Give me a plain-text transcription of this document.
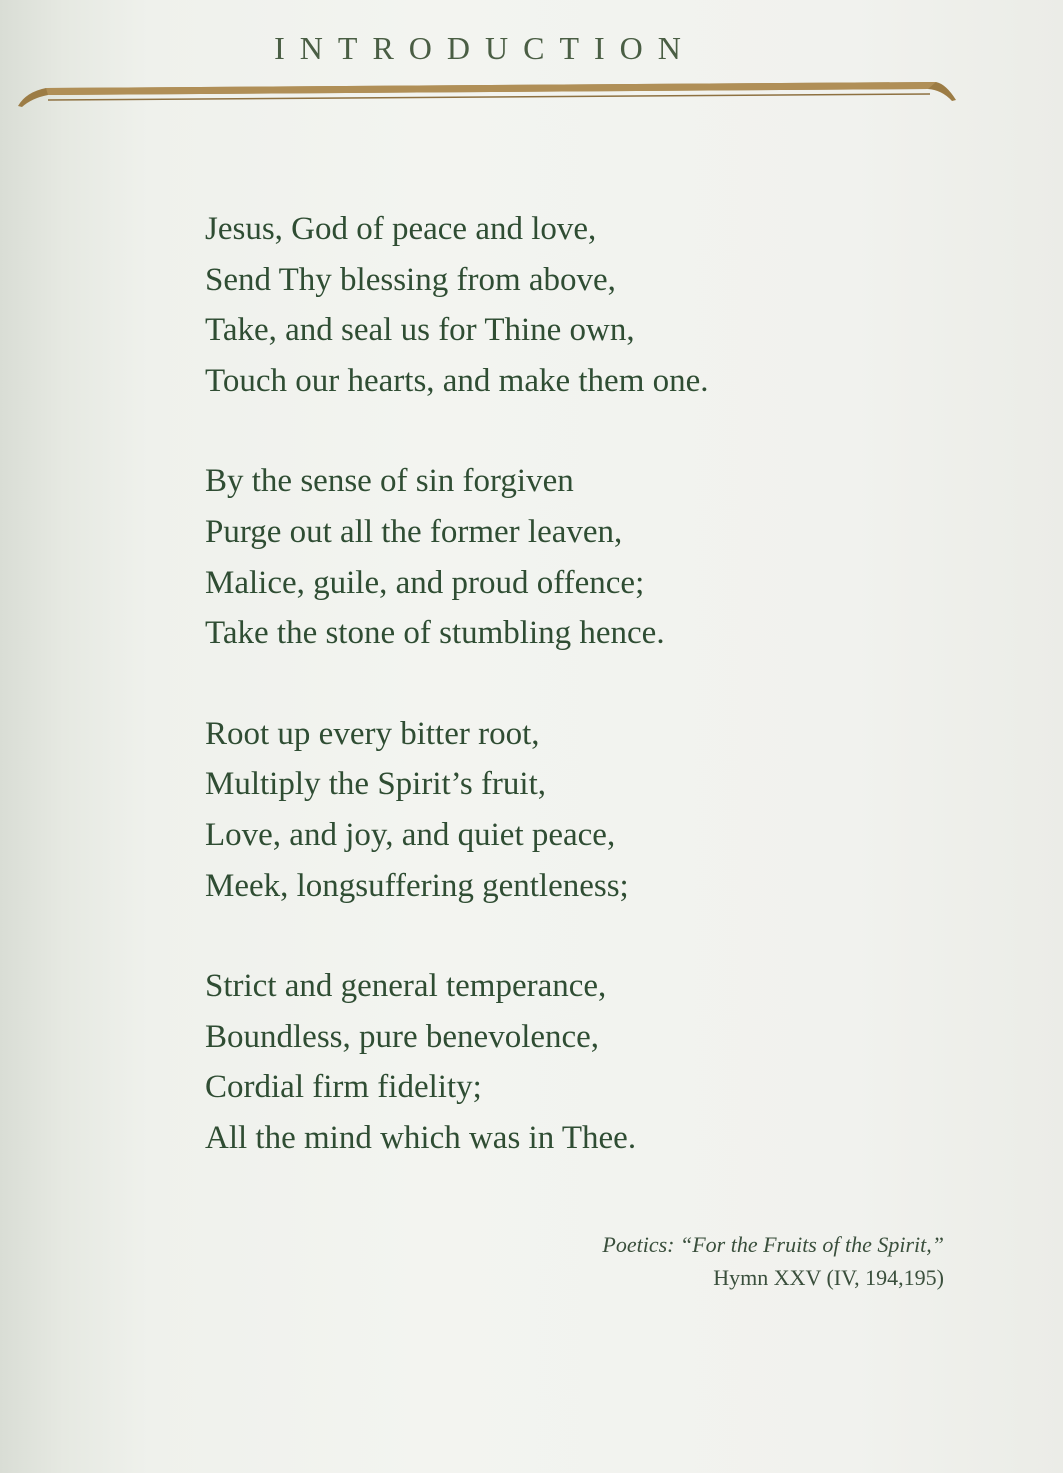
INTRODUCTION
Jesus, God of peace and love,
Send Thy blessing from above,
Take, and seal us for Thine own,
Touch our hearts, and make them one.
By the sense of sin forgiven
Purge out all the former leaven,
Malice, guile, and proud offence;
Take the stone of stumbling hence.
Root up every bitter root,
Multiply the Spirit’s fruit,
Love, and joy, and quiet peace,
Meek, longsuffering gentleness;
Strict and general temperance,
Boundless, pure benevolence,
Cordial firm fidelity;
All the mind which was in Thee.
Poetics: “For the Fruits of the Spirit,”
Hymn XXV (IV, 194,195)
